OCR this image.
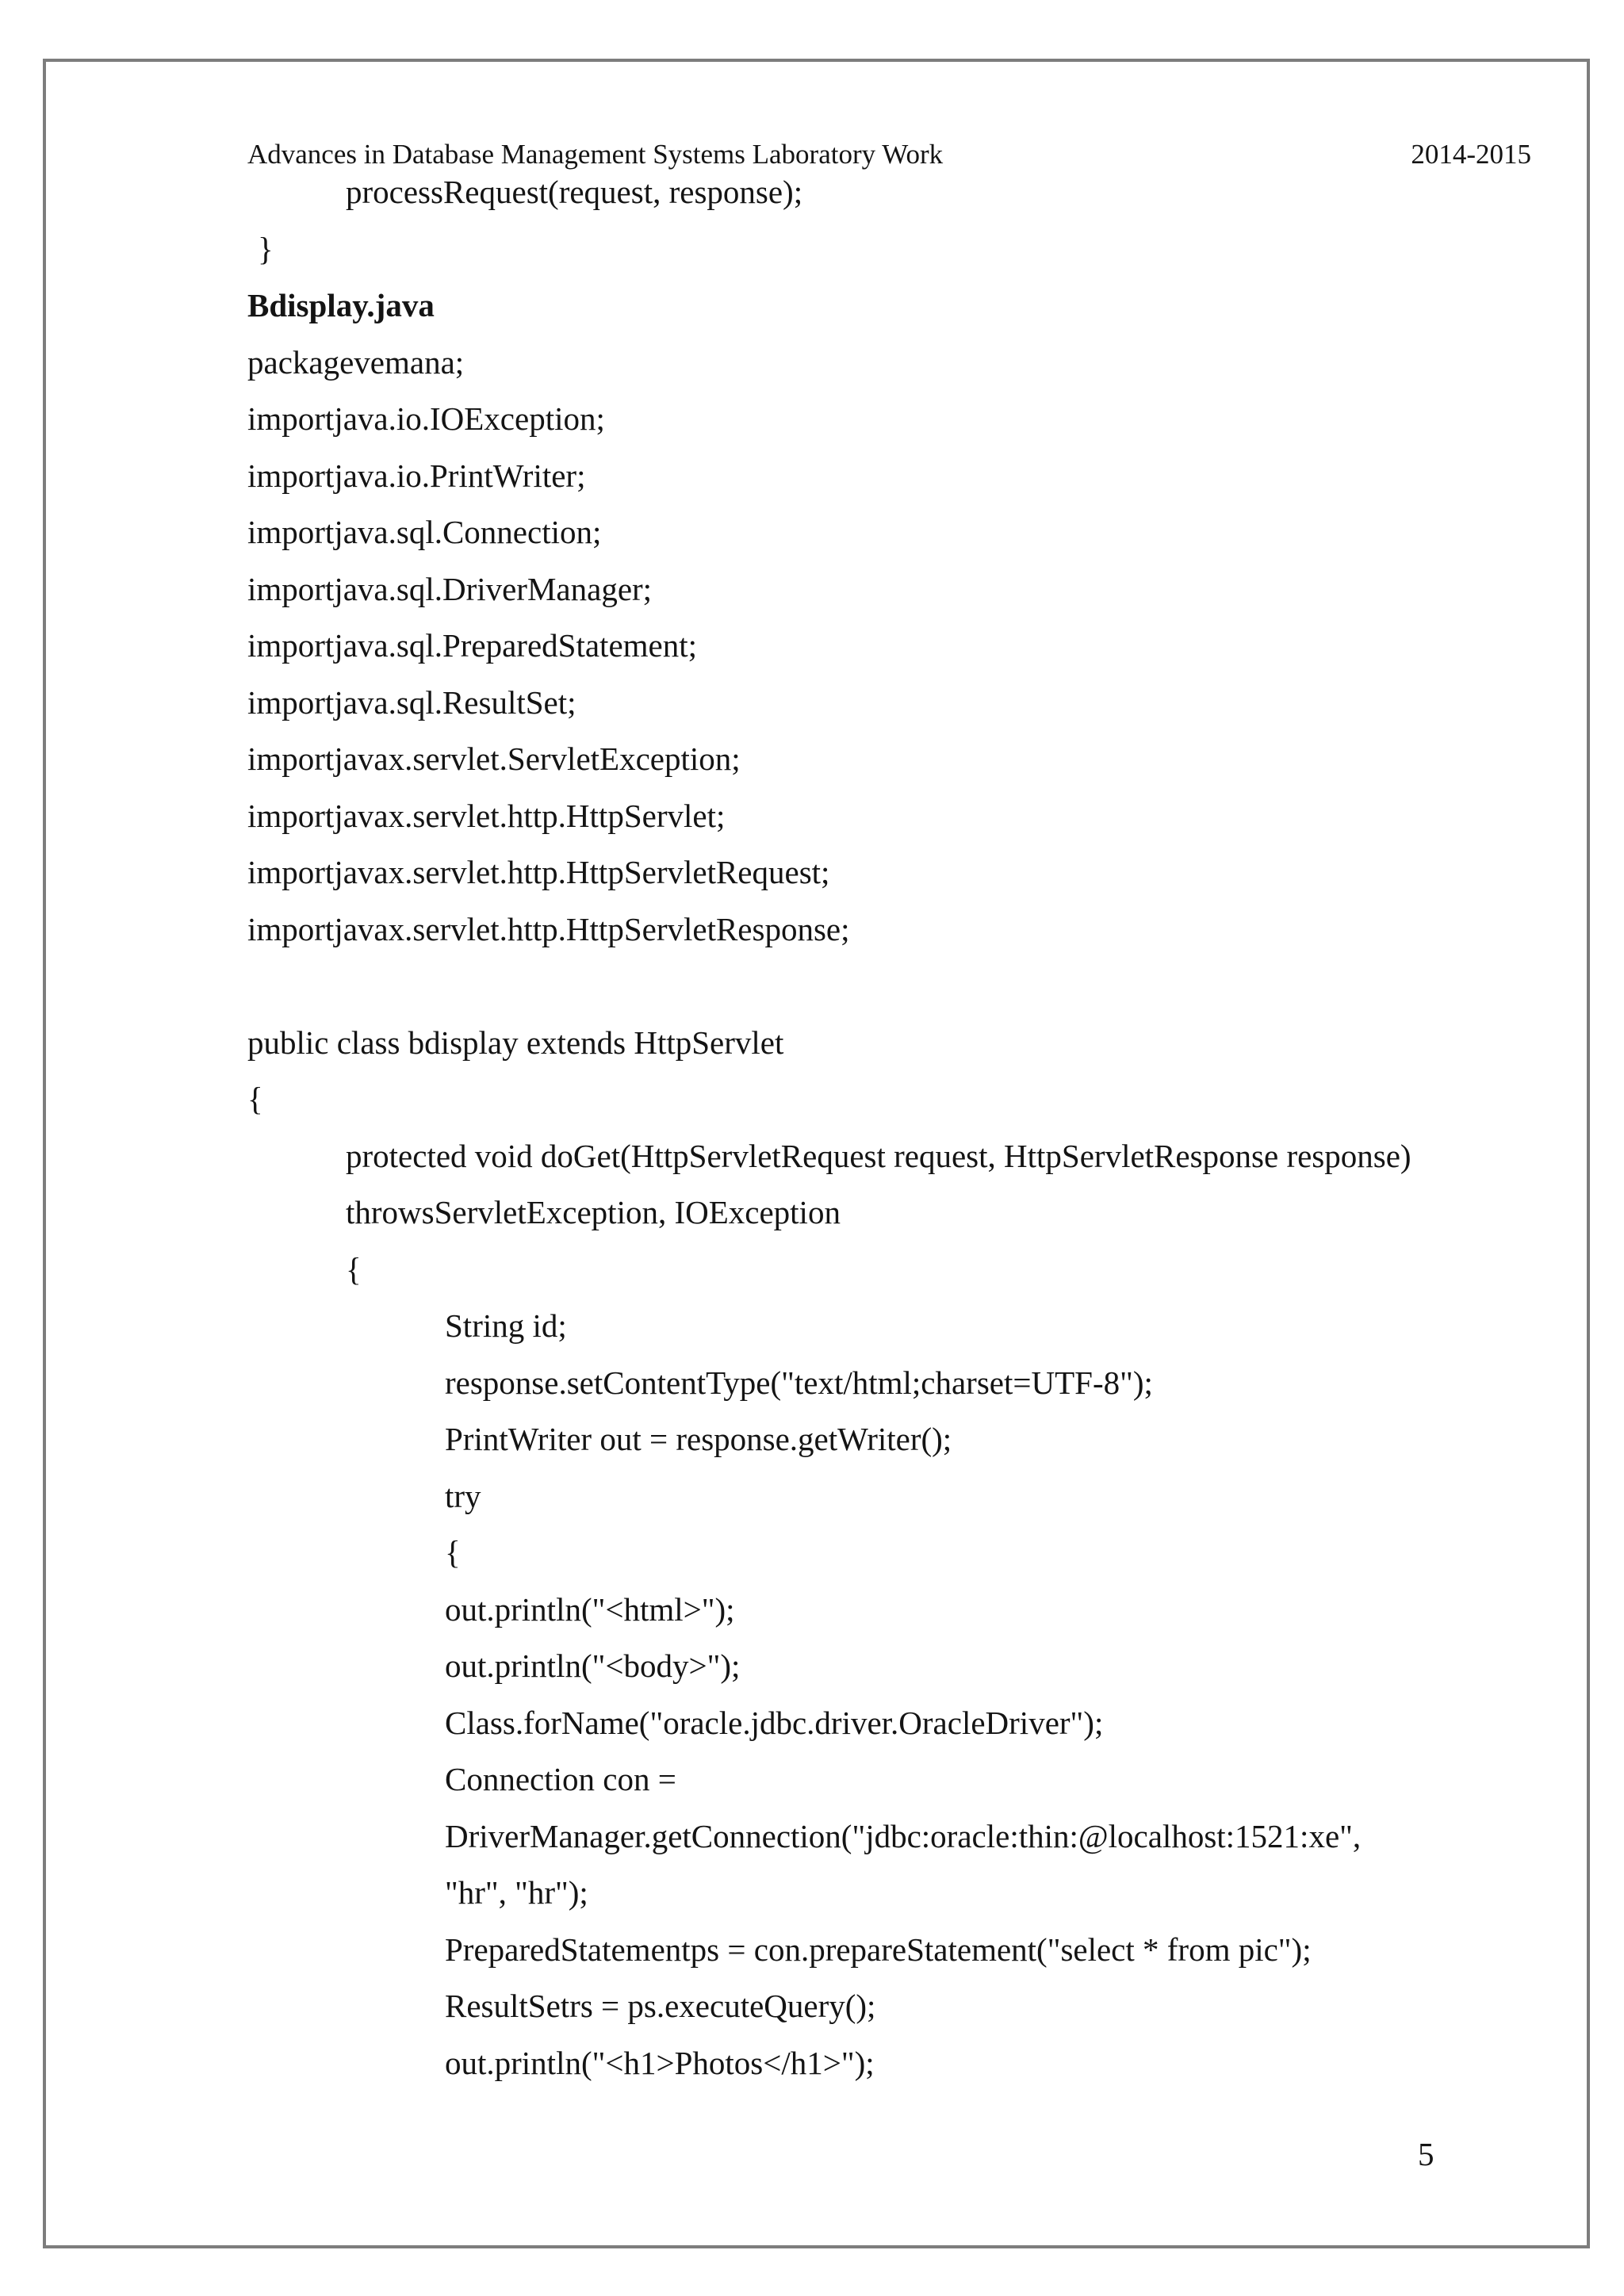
Advances in Database Management Systems Laboratory Work	2014-2015
processRequest(request, response);
}
Bdisplay.java
packagevemana;
importjava.io.IOException;
importjava.io.PrintWriter;
importjava.sql.Connection;
importjava.sql.DriverManager;
importjava.sql.PreparedStatement;
importjava.sql.ResultSet;
importjavax.servlet.ServletException;
importjavax.servlet.http.HttpServlet;
importjavax.servlet.http.HttpServletRequest;
importjavax.servlet.http.HttpServletResponse;
public class bdisplay extends HttpServlet
{
protected void doGet(HttpServletRequest request, HttpServletResponse response)
throwsServletException, IOException
{
String id;
response.setContentType("text/html;charset=UTF-8");
PrintWriter out = response.getWriter();
try
{
out.println("<html>");
out.println("<body>");
Class.forName("oracle.jdbc.driver.OracleDriver");
Connection con =
DriverManager.getConnection("jdbc:oracle:thin:@localhost:1521:xe",
"hr", "hr");
PreparedStatementps = con.prepareStatement("select * from pic");
ResultSetrs = ps.executeQuery();
out.println("<h1>Photos</h1>");
5
